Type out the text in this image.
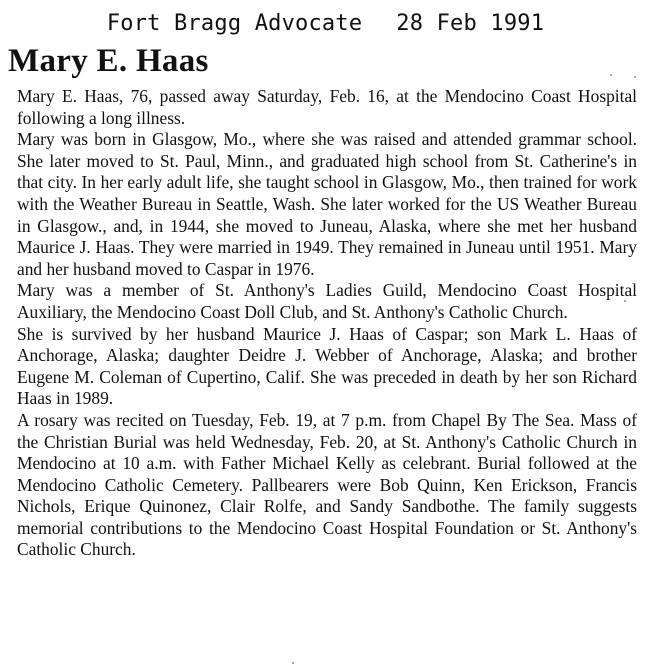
Fort Bragg Advocate 28 Feb 1991
Mary E. Haas

Mary E. Haas, 76, passed away Saturday, Feb. 16, at the Mendocino Coast Hospital following a long illness.

Mary was born in Glasgow, Mo., where she was raised and attended grammar school. She later moved to St. Paul, Minn., and graduated high school from St. Catherine's in that city. In her early adult life, she taught school in Glasgow, Mo., then trained for work with the Weather Bureau in Seattle, Wash. She later worked for the US Weather Bureau in Glasgow., and, in 1944, she moved to Juneau, Alaska, where she met her husband Maurice J. Haas. They were married in 1949. They remained in Juneau until 1951. Mary and her husband moved to Caspar in 1976.

Mary was a member of St. Anthony's Ladies Guild, Mendocino Coast Hospital Auxiliary, the Mendocino Coast Doll Club, and St. Anthony's Catholic Church.

She is survived by her husband Maurice J. Haas of Caspar; son Mark L. Haas of Anchorage, Alaska; daughter Deidre J. Webber of Anchorage, Alaska; and brother Eugene M. Coleman of Cupertino, Calif. She was preceded in death by her son Richard Haas in 1989.

A rosary was recited on Tuesday, Feb. 19, at 7 p.m. from Chapel By The Sea. Mass of the Christian Burial was held Wednesday, Feb. 20, at St. Anthony's Catholic Church in Mendocino at 10 a.m. with Father Michael Kelly as celebrant. Burial followed at the Mendocino Catholic Cemetery. Pallbearers were Bob Quinn, Ken Erickson, Francis Nichols, Erique Quinonez, Clair Rolfe, and Sandy Sandbothe. The family suggests memorial contributions to the Mendocino Coast Hospital Foundation or St. Anthony's Catholic Church.
